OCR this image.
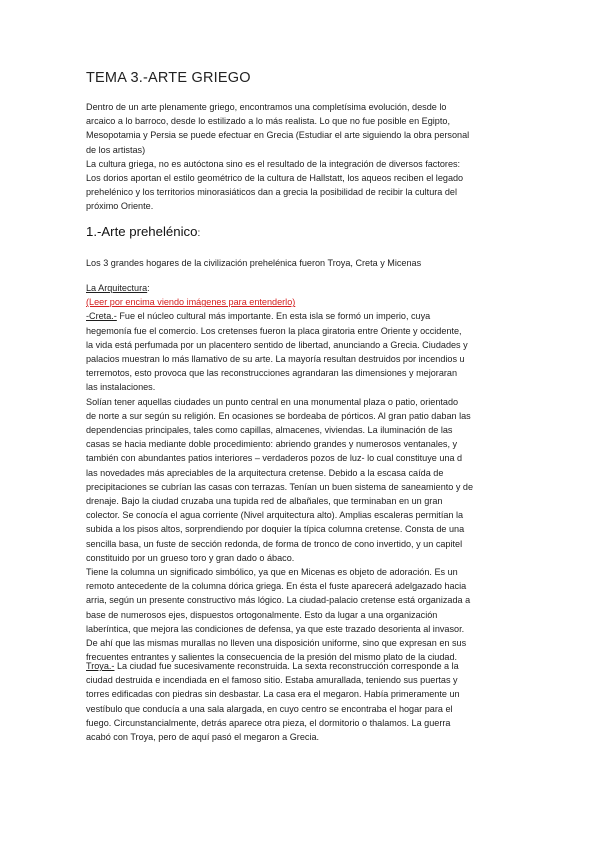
TEMA 3.-ARTE GRIEGO
Dentro de un arte plenamente griego, encontramos una completísima evolución, desde lo
arcaico a lo barroco, desde lo estilizado a lo más realista. Lo que no fue posible en Egipto,
Mesopotamia y Persia se puede efectuar en Grecia (Estudiar el arte siguiendo la obra personal
de los artistas)
La cultura griega, no es autóctona sino es el resultado de la integración de diversos factores:
Los dorios aportan el estilo geométrico de la cultura de Hallstatt, los aqueos reciben el legado
prehelénico y los territorios minorasiáticos dan a grecia la posibilidad de recibir la cultura del
próximo Oriente.
1.-Arte prehelénico:
Los 3 grandes hogares de la civilización prehelénica fueron Troya, Creta y Micenas
La Arquitectura:
(Leer por encima viendo imágenes para entenderlo)
-Creta.- Fue el núcleo cultural más importante. En esta isla se formó un imperio, cuya
hegemonía fue el comercio. Los cretenses fueron la placa giratoria entre Oriente y occidente,
la vida está perfumada por un placentero sentido de libertad, anunciando a Grecia. Ciudades y
palacios muestran lo más llamativo de su arte. La mayoría resultan destruidos por incendios u
terremotos, esto provoca que las reconstrucciones agrandaran las dimensiones y mejoraran
las instalaciones.
Solían tener aquellas ciudades un punto central en una monumental plaza o patio, orientado
de norte a sur según su religión. En ocasiones se bordeaba de pórticos. Al gran patio daban las
dependencias principales, tales como capillas, almacenes, viviendas. La iluminación de las
casas se hacia mediante doble procedimiento: abriendo grandes y numerosos ventanales, y
también con abundantes patios interiores – verdaderos pozos de luz- lo cual constituye una d
las novedades más apreciables de la arquitectura cretense. Debido a la escasa caída de
precipitaciones se cubrían las casas con terrazas. Tenían un buen sistema de saneamiento y de
drenaje. Bajo la ciudad cruzaba una tupida red de albañales, que terminaban en un gran
colector. Se conocía el agua corriente (Nivel arquitectura alto). Amplias escaleras permitían la
subida a los pisos altos, sorprendiendo por doquier la típica columna cretense. Consta de una
sencilla basa, un fuste de sección redonda, de forma de tronco de cono invertido, y un capitel
constituido por un grueso toro y gran dado o ábaco.
Tiene la columna un significado simbólico, ya que en Micenas es objeto de adoración. Es un
remoto antecedente de la columna dórica griega. En ésta el fuste aparecerá adelgazado hacia
arria, según un presente constructivo más lógico. La ciudad-palacio cretense está organizada a
base de numerosos ejes, dispuestos ortogonalmente. Esto da lugar a una organización
laberíntica, que mejora las condiciones de defensa, ya que este trazado desorienta al invasor.
De ahí que las mismas murallas no lleven una disposición uniforme, sino que expresan en sus
frecuentes entrantes y salientes la consecuencia de la presión del mismo plato de la ciudad.
Troya.- La ciudad fue sucesivamente reconstruida. La sexta reconstrucción corresponde a la
ciudad destruida e incendiada en el famoso sitio. Estaba amurallada, teniendo sus puertas y
torres edificadas con piedras sin desbastar. La casa era el megaron. Había primeramente un
vestíbulo que conducía a una sala alargada, en cuyo centro se encontraba el hogar para el
fuego. Circunstancialmente, detrás aparece otra pieza, el dormitorio o thalamos. La guerra
acabó con Troya, pero de aquí pasó el megaron a Grecia.
